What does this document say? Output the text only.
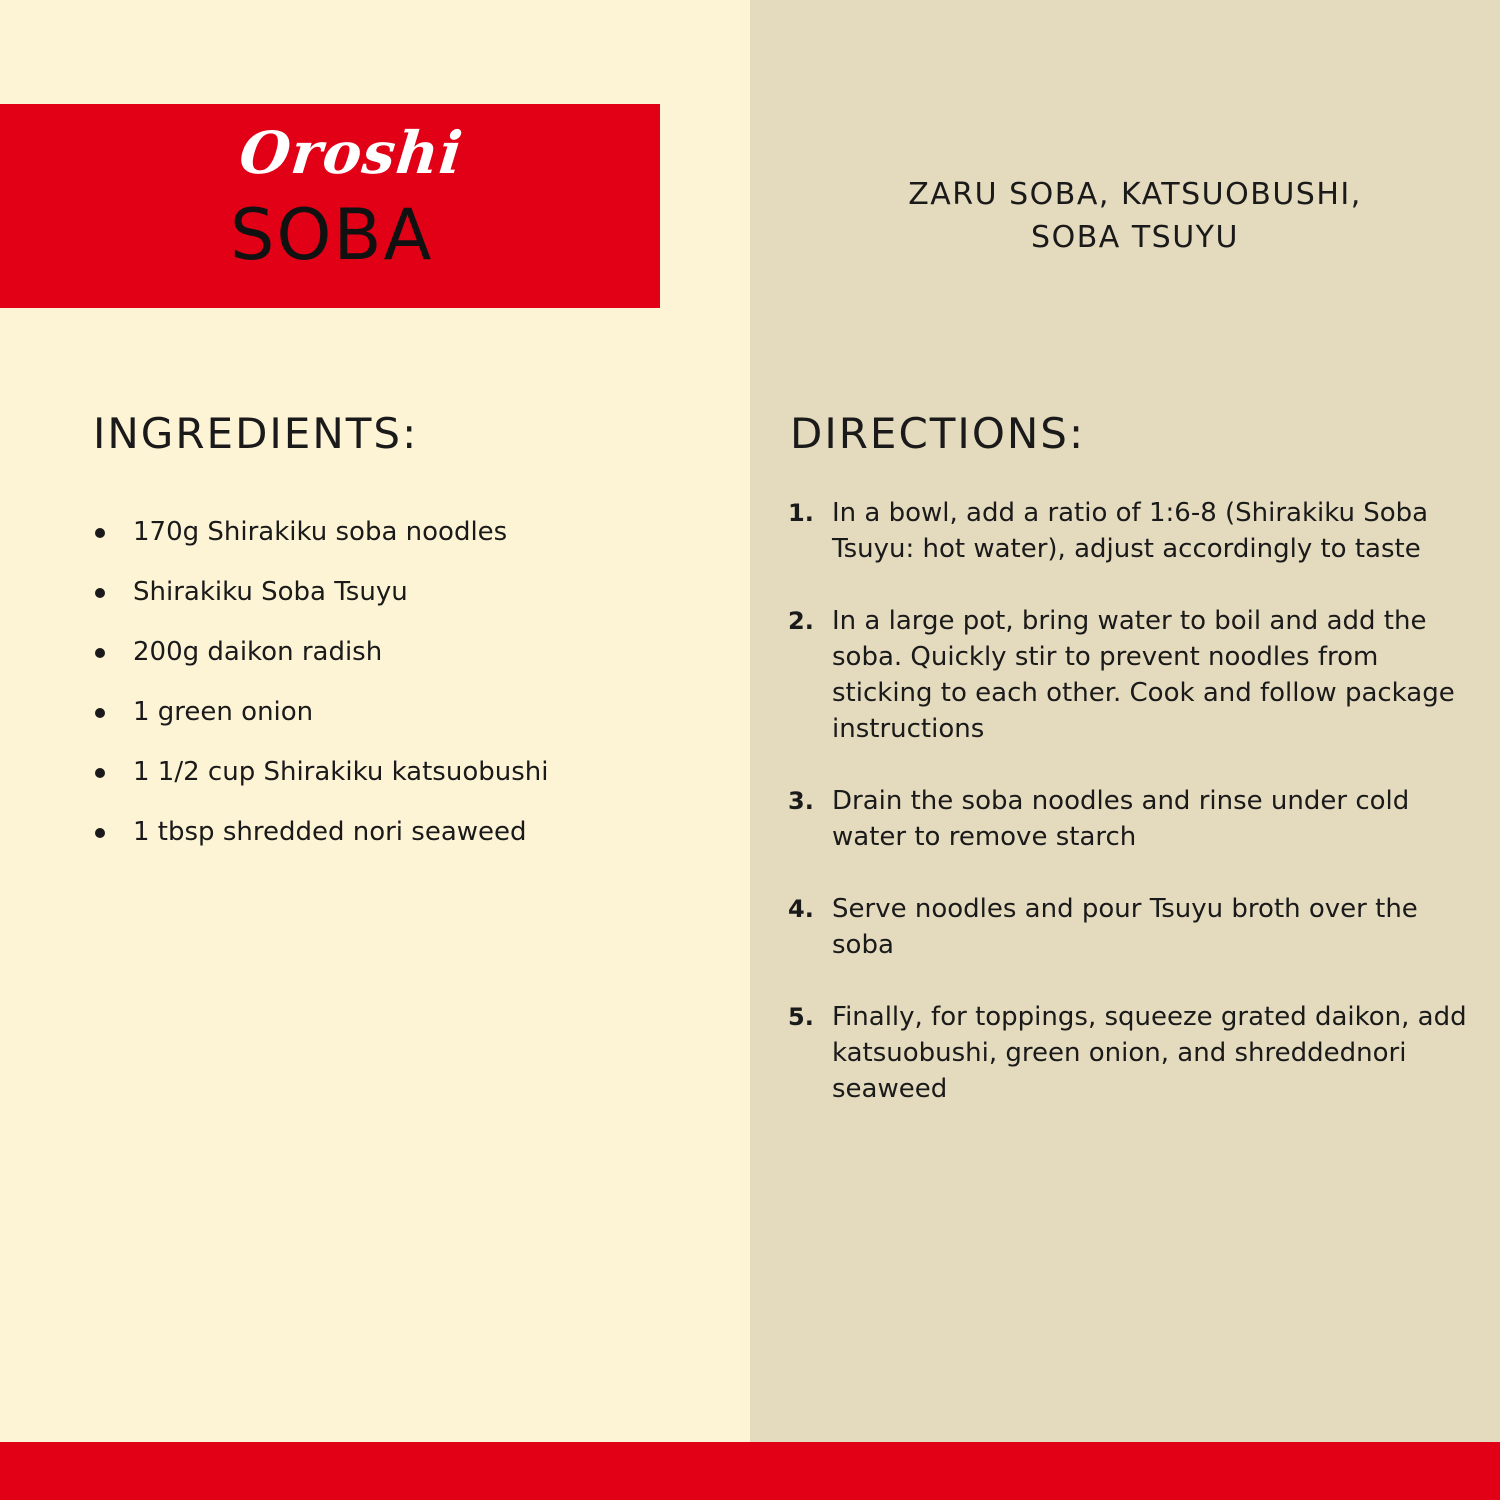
Oroshi
SOBA	ZARU SOBA, KATSUOBUSHI,
SOBA TSUYU
INGREDIENTS:
170g Shirakiku soba noodles
Shirakiku Soba Tsuyu
200g daikon radish
1 green onion
1 1/2 cup Shirakiku katsuobushi
1 tbsp shredded nori seaweed
DIRECTIONS:
1. In a bowl, add a ratio of 1:6-8 (Shirakiku Soba Tsuyu: hot water), adjust accordingly to taste
2. In a large pot, bring water to boil and add the soba. Quickly stir to prevent noodles from sticking to each other. Cook and follow package instructions
3. Drain the soba noodles and rinse under cold water to remove starch
4. Serve noodles and pour Tsuyu broth over the soba
5. Finally, for toppings, squeeze grated daikon, add katsuobushi, green onion, and shreddednori seaweed
